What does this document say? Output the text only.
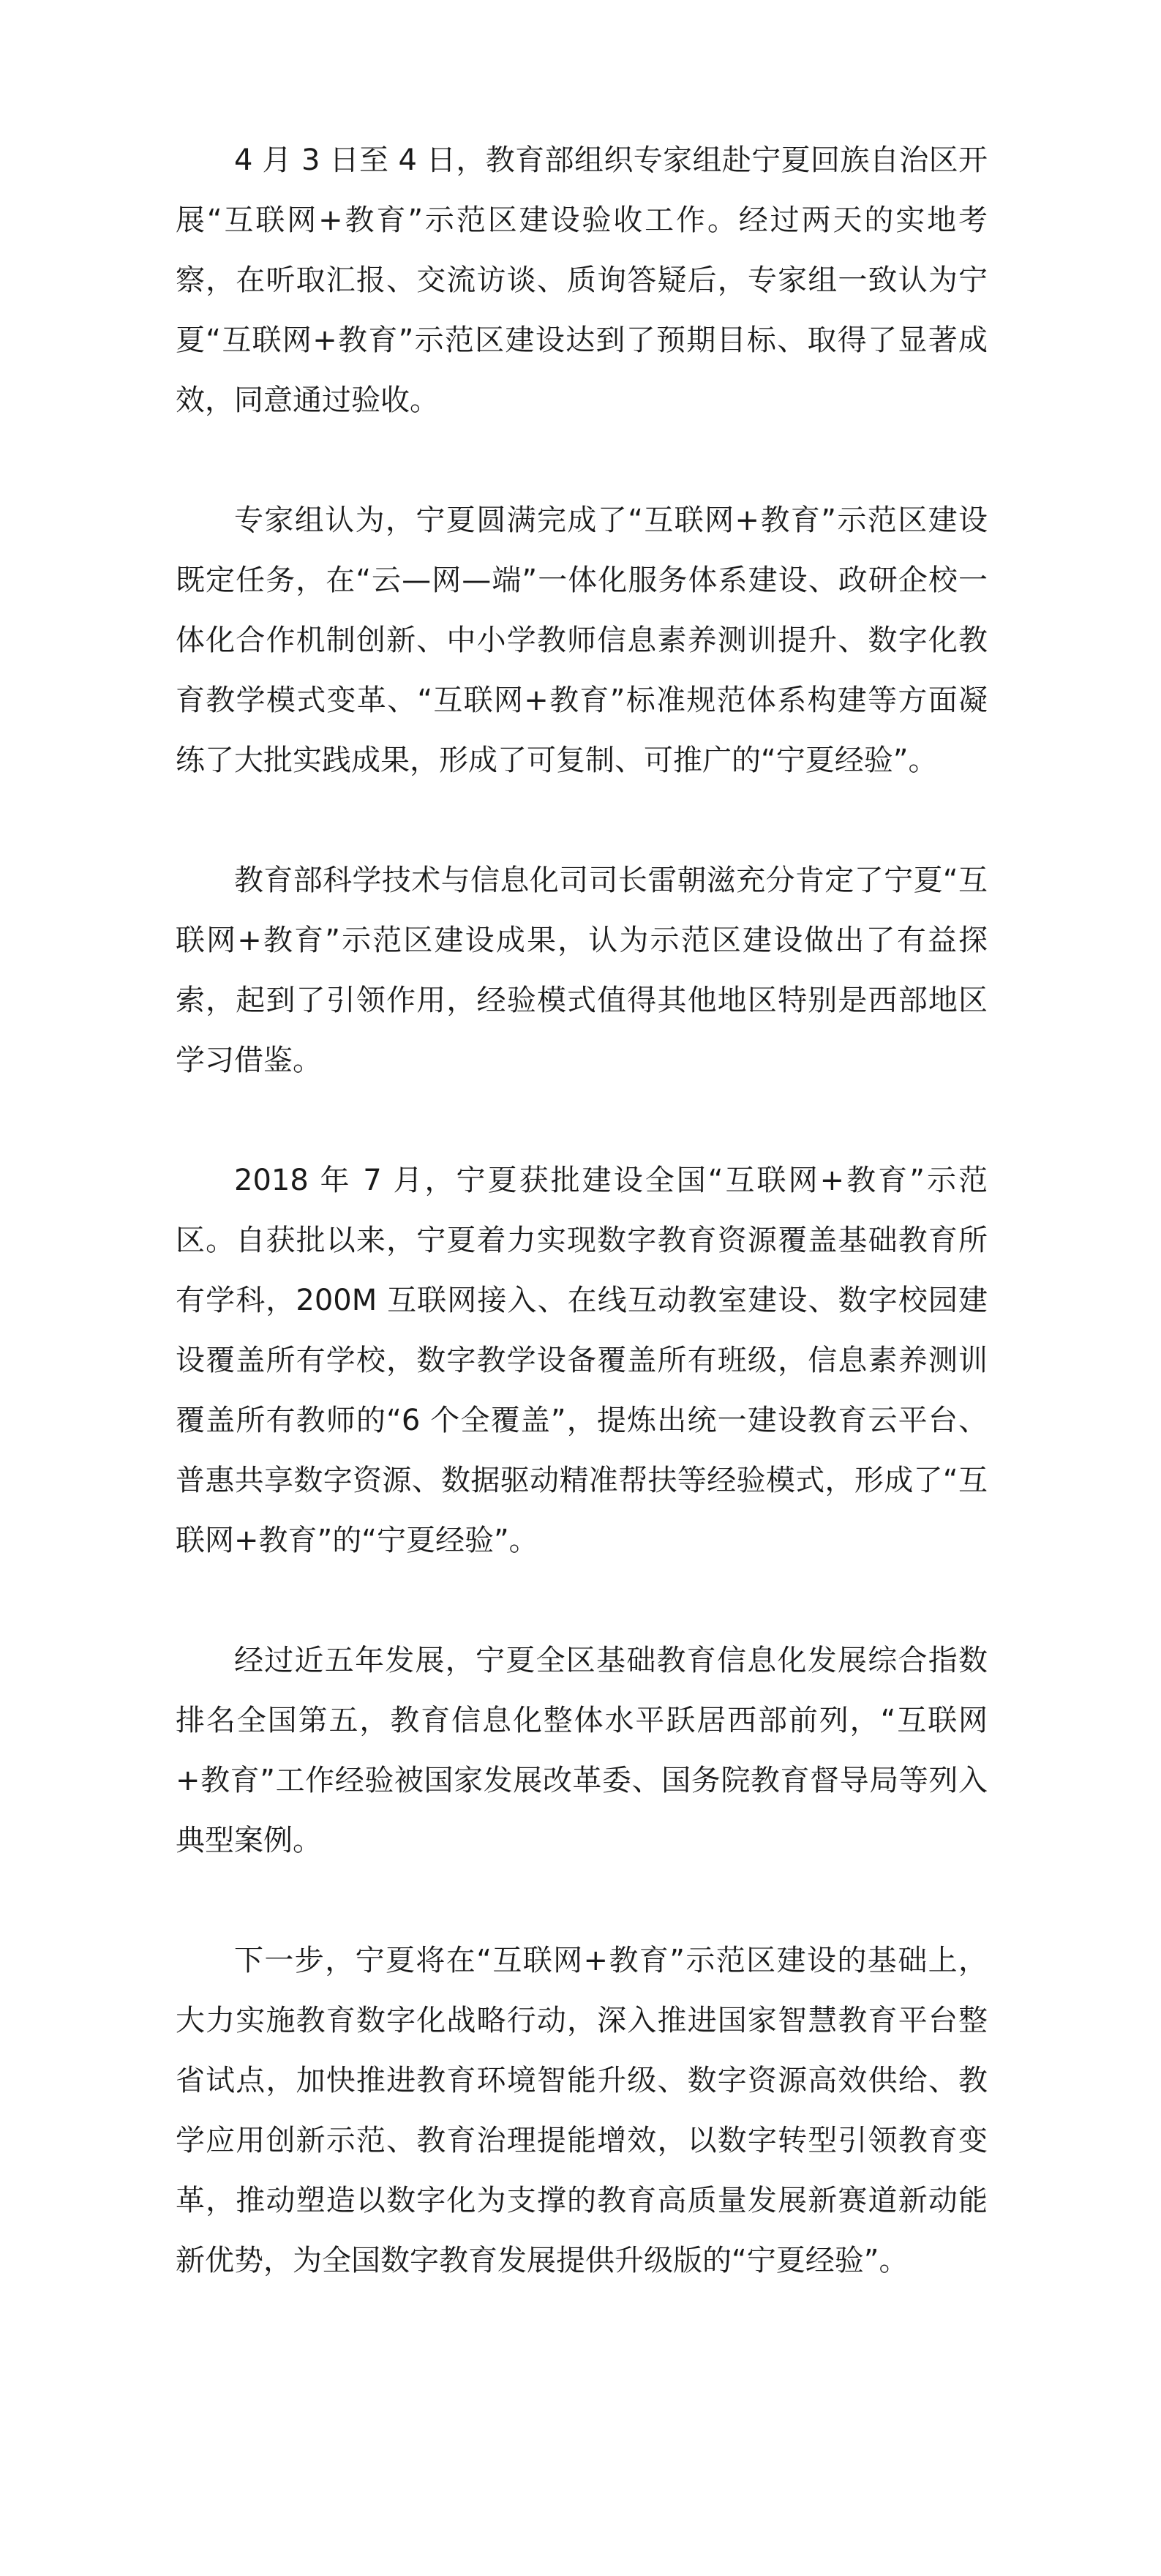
4 月 3 日至 4 日，教育部组织专家组赴宁夏回族自治区开展“互联网+教育”示范区建设验收工作。经过两天的实地考察，在听取汇报、交流访谈、质询答疑后，专家组一致认为宁夏“互联网+教育”示范区建设达到了预期目标、取得了显著成效，同意通过验收。

专家组认为，宁夏圆满完成了“互联网+教育”示范区建设既定任务，在“云—网—端”一体化服务体系建设、政研企校一体化合作机制创新、中小学教师信息素养测训提升、数字化教育教学模式变革、“互联网+教育”标准规范体系构建等方面凝练了大批实践成果，形成了可复制、可推广的“宁夏经验”。

教育部科学技术与信息化司司长雷朝滋充分肯定了宁夏“互联网+教育”示范区建设成果，认为示范区建设做出了有益探索，起到了引领作用，经验模式值得其他地区特别是西部地区学习借鉴。

2018 年 7 月，宁夏获批建设全国“互联网+教育”示范区。自获批以来，宁夏着力实现数字教育资源覆盖基础教育所有学科，200M 互联网接入、在线互动教室建设、数字校园建设覆盖所有学校，数字教学设备覆盖所有班级，信息素养测训覆盖所有教师的“6 个全覆盖”，提炼出统一建设教育云平台、普惠共享数字资源、数据驱动精准帮扶等经验模式，形成了“互联网+教育”的“宁夏经验”。

经过近五年发展，宁夏全区基础教育信息化发展综合指数排名全国第五，教育信息化整体水平跃居西部前列，“互联网+教育”工作经验被国家发展改革委、国务院教育督导局等列入典型案例。

下一步，宁夏将在“互联网+教育”示范区建设的基础上，大力实施教育数字化战略行动，深入推进国家智慧教育平台整省试点，加快推进教育环境智能升级、数字资源高效供给、教学应用创新示范、教育治理提能增效，以数字转型引领教育变革，推动塑造以数字化为支撑的教育高质量发展新赛道新动能新优势，为全国数字教育发展提供升级版的“宁夏经验”。
